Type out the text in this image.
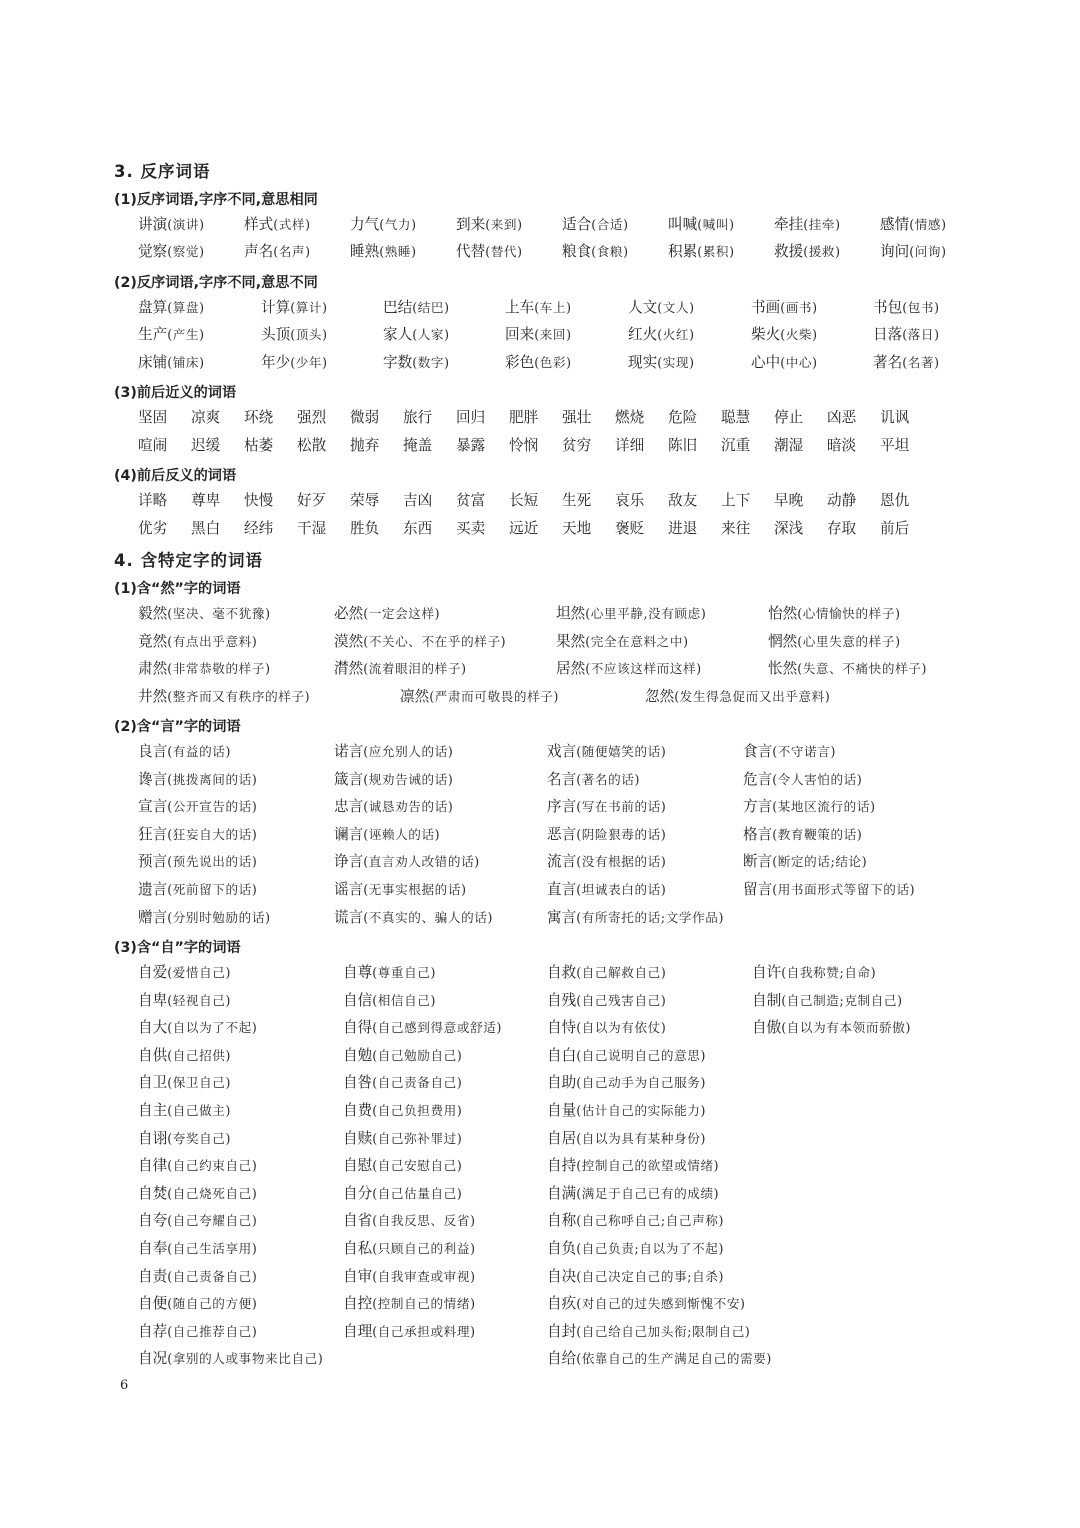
3. 反序词语
(1)反序词语,字序不同,意思相同
讲演(演讲)	样式(式样)	力气(气力)	到来(来到)	适合(合适)	叫喊(喊叫)	牵挂(挂牵)	感情(情感)
觉察(察觉)	声名(名声)	睡熟(熟睡)	代替(替代)	粮食(食粮)	积累(累积)	救援(援救)	询问(问询)
(2)反序词语,字序不同,意思不同
盘算(算盘)	计算(算计)	巴结(结巴)	上车(车上)	人文(文人)	书画(画书)	书包(包书)
生产(产生)	头顶(顶头)	家人(人家)	回来(来回)	红火(火红)	柴火(火柴)	日落(落日)
床铺(铺床)	年少(少年)	字数(数字)	彩色(色彩)	现实(实现)	心中(中心)	著名(名著)
(3)前后近义的词语
坚固 凉爽 环绕 强烈 微弱 旅行 回归 肥胖 强壮 燃烧 危险 聪慧 停止 凶恶 讥讽
喧闹 迟缓 枯萎 松散 抛弃 掩盖 暴露 怜悯 贫穷 详细 陈旧 沉重 潮湿 暗淡 平坦
(4)前后反义的词语
详略 尊卑 快慢 好歹 荣辱 吉凶 贫富 长短 生死 哀乐 敌友 上下 早晚 动静 恩仇
优劣 黑白 经纬 干湿 胜负 东西 买卖 远近 天地 褒贬 进退 来往 深浅 存取 前后
4. 含特定字的词语
(1)含“然”字的词语
毅然(坚决、毫不犹豫)	必然(一定会这样)	坦然(心里平静,没有顾虑)	怡然(心情愉快的样子)
竟然(有点出乎意料)	漠然(不关心、不在乎的样子)	果然(完全在意料之中)	惘然(心里失意的样子)
肃然(非常恭敬的样子)	潸然(流着眼泪的样子)	居然(不应该这样而这样)	怅然(失意、不痛快的样子)
井然(整齐而又有秩序的样子)	凛然(严肃而可敬畏的样子)	忽然(发生得急促而又出乎意料)
(2)含“言”字的词语
良言(有益的话)	诺言(应允别人的话)	戏言(随便嬉笑的话)	食言(不守诺言)
谗言(挑拨离间的话)	箴言(规劝告诫的话)	名言(著名的话)	危言(令人害怕的话)
宣言(公开宣告的话)	忠言(诚恳劝告的话)	序言(写在书前的话)	方言(某地区流行的话)
狂言(狂妄自大的话)	谰言(诬赖人的话)	恶言(阴险狠毒的话)	格言(教育鞭策的话)
预言(预先说出的话)	诤言(直言劝人改错的话)	流言(没有根据的话)	断言(断定的话;结论)
遗言(死前留下的话)	谣言(无事实根据的话)	直言(坦诚表白的话)	留言(用书面形式等留下的话)
赠言(分别时勉励的话)	谎言(不真实的、骗人的话)	寓言(有所寄托的话;文学作品)
(3)含“自”字的词语
自爱(爱惜自己)	自尊(尊重自己)	自救(自己解救自己)	自许(自我称赞;自命)
自卑(轻视自己)	自信(相信自己)	自残(自己残害自己)	自制(自己制造;克制自己)
自大(自以为了不起)	自得(自己感到得意或舒适)	自恃(自以为有依仗)	自傲(自以为有本领而骄傲)
自供(自己招供)	自勉(自己勉励自己)	自白(自己说明自己的意思)
自卫(保卫自己)	自咎(自己责备自己)	自助(自己动手为自己服务)
自主(自己做主)	自费(自己负担费用)	自量(估计自己的实际能力)
自诩(夸奖自己)	自赎(自己弥补罪过)	自居(自以为具有某种身份)
自律(自己约束自己)	自慰(自己安慰自己)	自持(控制自己的欲望或情绪)
自焚(自己烧死自己)	自分(自己估量自己)	自满(满足于自己已有的成绩)
自夸(自己夸耀自己)	自省(自我反思、反省)	自称(自己称呼自己;自己声称)
自奉(自己生活享用)	自私(只顾自己的利益)	自负(自己负责;自以为了不起)
自责(自己责备自己)	自审(自我审查或审视)	自决(自己决定自己的事;自杀)
自便(随自己的方便)	自控(控制自己的情绪)	自疚(对自己的过失感到惭愧不安)
自荐(自己推荐自己)	自理(自己承担或料理)	自封(自己给自己加头衔;限制自己)
自况(拿别的人或事物来比自己)	自给(依靠自己的生产满足自己的需要)
6
